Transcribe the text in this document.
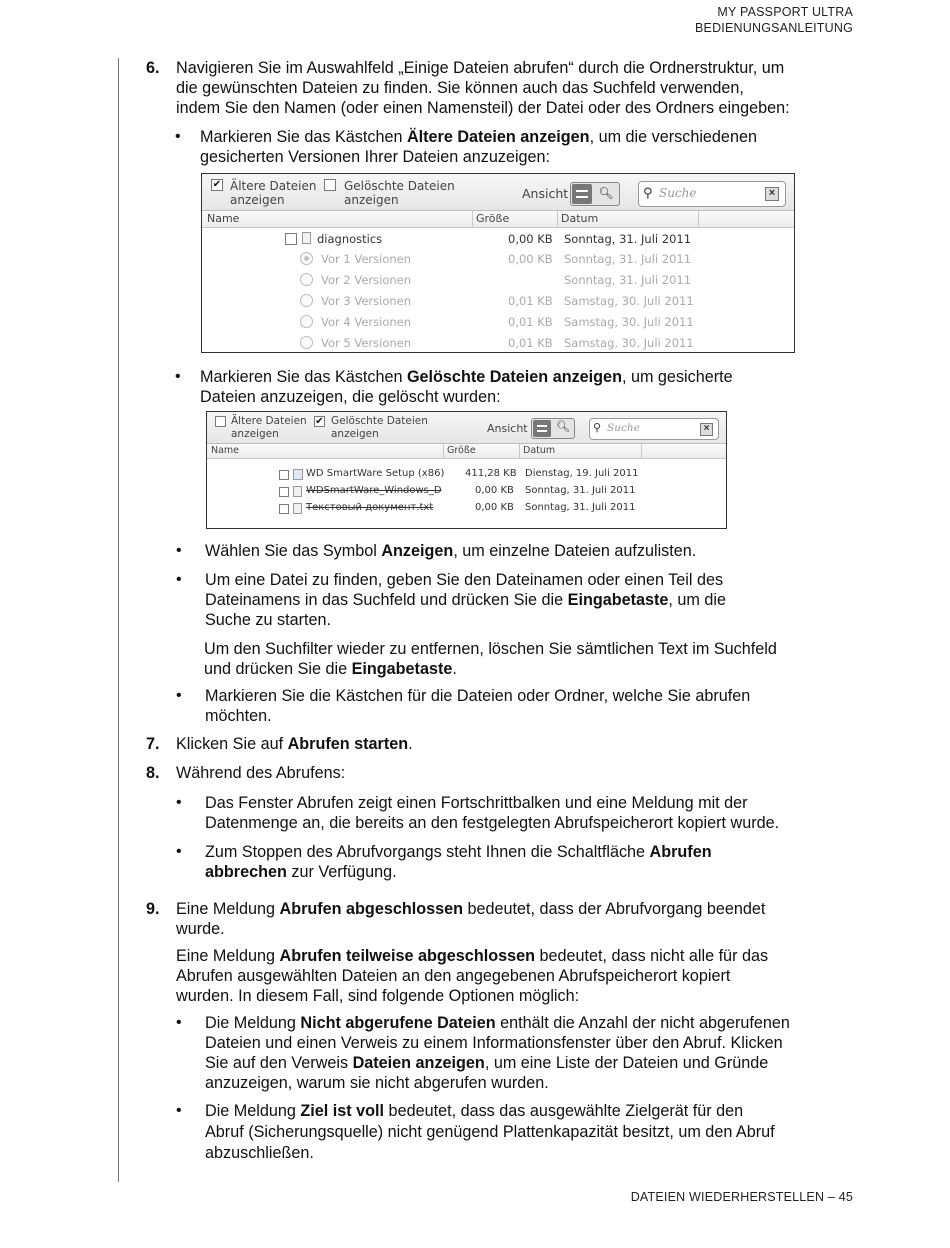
MY PASSPORT ULTRA
BEDIENUNGSANLEITUNG
6. Navigieren Sie im Auswahlfeld „Einige Dateien abrufen“ durch die Ordnerstruktur, um
die gewünschten Dateien zu finden. Sie können auch das Suchfeld verwenden,
indem Sie den Namen (oder einen Namensteil) der Datei oder des Ordners eingeben:
• Markieren Sie das Kästchen Ältere Dateien anzeigen, um die verschiedenen
gesicherten Versionen Ihrer Dateien anzuzeigen:
✔ Ältere Dateien
anzeigen
Gelöschte Dateien
anzeigen	Ansicht	🔍︎ ⚲ Suche	×
Name	Größe	Datum
diagnostics	0,00 KB Sonntag, 31. Juli 2011
Vor 1 Versionen	0,00 KB Sonntag, 31. Juli 2011
Vor 2 Versionen	Sonntag, 31. Juli 2011
Vor 3 Versionen	0,01 KB Samstag, 30. Juli 2011
Vor 4 Versionen	0,01 KB Samstag, 30. Juli 2011
Vor 5 Versionen	0,01 KB Samstag, 30. Juli 2011
• Markieren Sie das Kästchen Gelöschte Dateien anzeigen, um gesicherte
Dateien anzuzeigen, die gelöscht wurden:
Ältere Dateien
anzeigen
✔ Gelöschte Dateien
anzeigen	Ansicht	🔍︎ ⚲ Suche	×
Name	Größe	Datum
WD SmartWare Setup (x86) 411,28 KB Dienstag, 19. Juli 2011
WDSmartWare_Windows_D	0,00 KB Sonntag, 31. Juli 2011
Текстовый документ.txt	0,00 KB Sonntag, 31. Juli 2011
• Wählen Sie das Symbol Anzeigen, um einzelne Dateien aufzulisten.
• Um eine Datei zu finden, geben Sie den Dateinamen oder einen Teil des
Dateinamens in das Suchfeld und drücken Sie die Eingabetaste, um die
Suche zu starten.
Um den Suchfilter wieder zu entfernen, löschen Sie sämtlichen Text im Suchfeld
und drücken Sie die Eingabetaste.
• Markieren Sie die Kästchen für die Dateien oder Ordner, welche Sie abrufen
möchten.
7. Klicken Sie auf Abrufen starten.
8. Während des Abrufens:
• Das Fenster Abrufen zeigt einen Fortschrittbalken und eine Meldung mit der
Datenmenge an, die bereits an den festgelegten Abrufspeicherort kopiert wurde.
• Zum Stoppen des Abrufvorgangs steht Ihnen die Schaltfläche Abrufen
abbrechen zur Verfügung.
9. Eine Meldung Abrufen abgeschlossen bedeutet, dass der Abrufvorgang beendet
wurde.
Eine Meldung Abrufen teilweise abgeschlossen bedeutet, dass nicht alle für das
Abrufen ausgewählten Dateien an den angegebenen Abrufspeicherort kopiert
wurden. In diesem Fall, sind folgende Optionen möglich:
• Die Meldung Nicht abgerufene Dateien enthält die Anzahl der nicht abgerufenen
Dateien und einen Verweis zu einem Informationsfenster über den Abruf. Klicken
Sie auf den Verweis Dateien anzeigen, um eine Liste der Dateien und Gründe
anzuzeigen, warum sie nicht abgerufen wurden.
• Die Meldung Ziel ist voll bedeutet, dass das ausgewählte Zielgerät für den
Abruf (Sicherungsquelle) nicht genügend Plattenkapazität besitzt, um den Abruf
abzuschließen.
DATEIEN WIEDERHERSTELLEN – 45
